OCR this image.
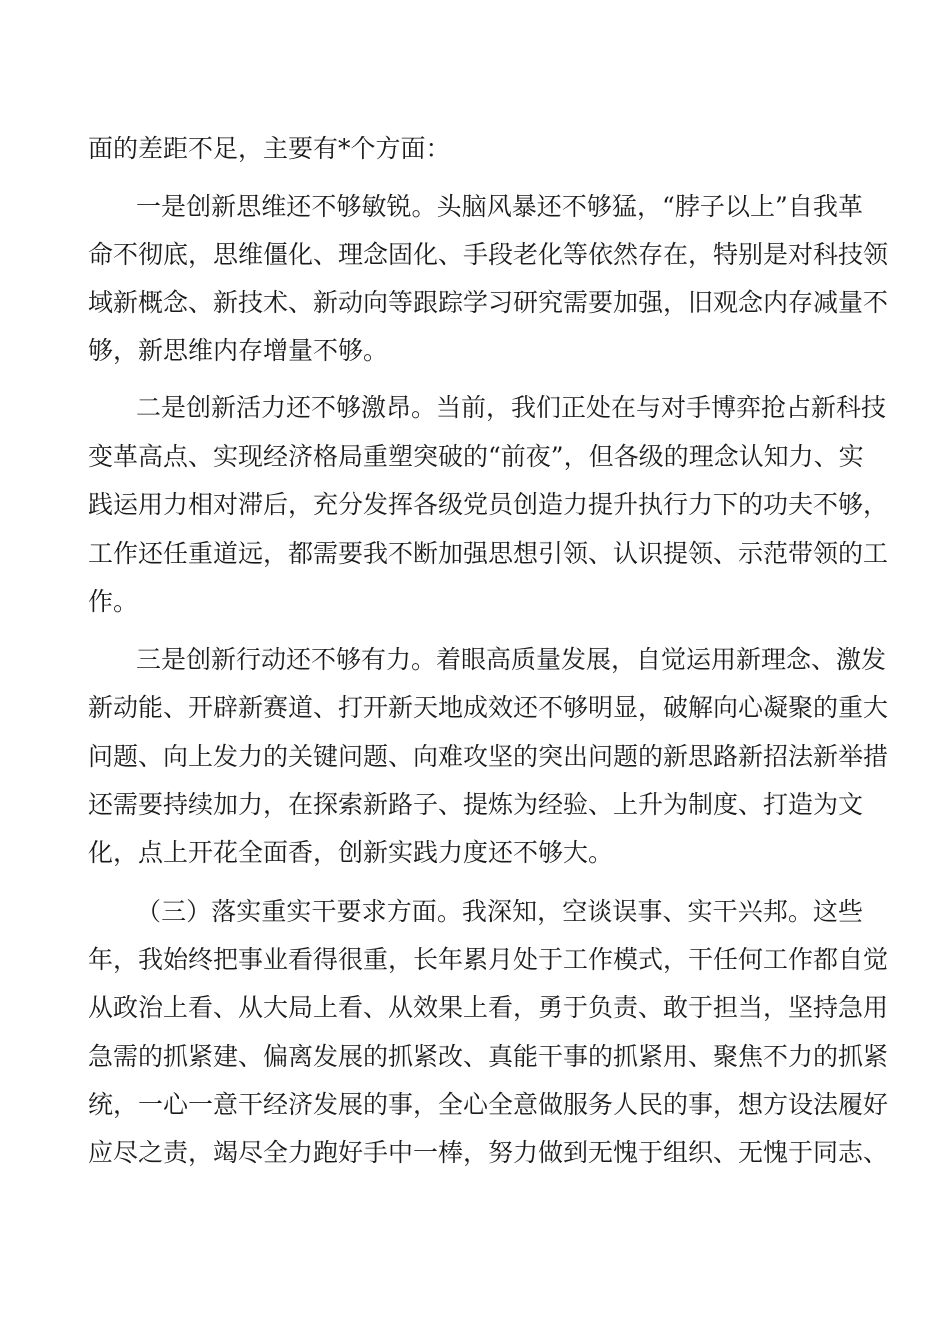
面的差距不足，主要有*个方面：
一是创新思维还不够敏锐。头脑风暴还不够猛，“脖子以上”自我革
命不彻底，思维僵化、理念固化、手段老化等依然存在，特别是对科技领
域新概念、新技术、新动向等跟踪学习研究需要加强，旧观念内存减量不
够，新思维内存增量不够。
二是创新活力还不够激昂。当前，我们正处在与对手博弈抢占新科技
变革高点、实现经济格局重塑突破的“前夜”，但各级的理念认知力、实
践运用力相对滞后，充分发挥各级党员创造力提升执行力下的功夫不够，
工作还任重道远，都需要我不断加强思想引领、认识提领、示范带领的工
作。
三是创新行动还不够有力。着眼高质量发展，自觉运用新理念、激发
新动能、开辟新赛道、打开新天地成效还不够明显，破解向心凝聚的重大
问题、向上发力的关键问题、向难攻坚的突出问题的新思路新招法新举措
还需要持续加力，在探索新路子、提炼为经验、上升为制度、打造为文
化，点上开花全面香，创新实践力度还不够大。
（三）落实重实干要求方面。我深知，空谈误事、实干兴邦。这些
年，我始终把事业看得很重，长年累月处于工作模式，干任何工作都自觉
从政治上看、从大局上看、从效果上看，勇于负责、敢于担当，坚持急用
急需的抓紧建、偏离发展的抓紧改、真能干事的抓紧用、聚焦不力的抓紧
统，一心一意干经济发展的事，全心全意做服务人民的事，想方设法履好
应尽之责，竭尽全力跑好手中一棒，努力做到无愧于组织、无愧于同志、
